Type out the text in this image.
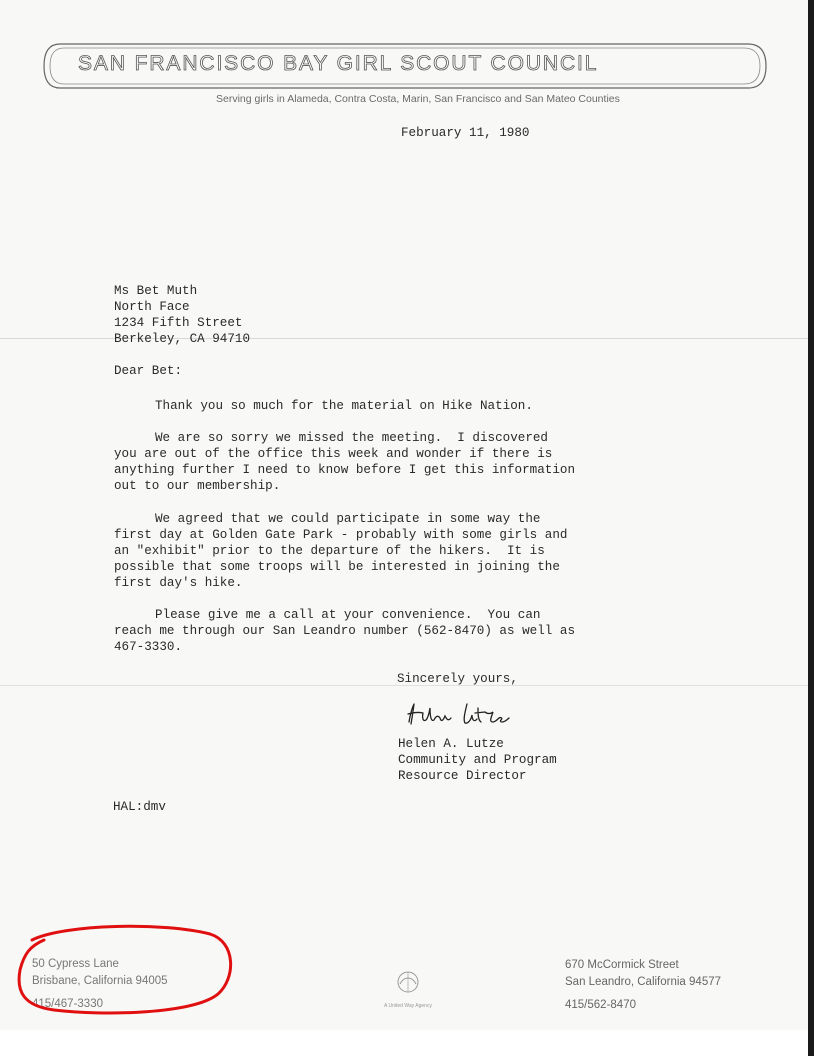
SAN FRANCISCO BAY GIRL SCOUT COUNCIL
Serving girls in Alameda, Contra Costa, Marin, San Francisco and San Mateo Counties
February 11, 1980
Ms Bet Muth
North Face
1234 Fifth Street
Berkeley, CA 94710
Dear Bet:
Thank you so much for the material on Hike Nation.
We are so sorry we missed the meeting.  I discovered
you are out of the office this week and wonder if there is
anything further I need to know before I get this information
out to our membership.
We agreed that we could participate in some way the
first day at Golden Gate Park - probably with some girls and
an "exhibit" prior to the departure of the hikers.  It is
possible that some troops will be interested in joining the
first day's hike.
Please give me a call at your convenience.  You can
reach me through our San Leandro number (562-8470) as well as
467-3330.
Sincerely yours,
Helen A. Lutze
Community and Program
Resource Director
HAL:dmv
50 Cypress Lane
Brisbane, California 94005
415/467-3330	A United Way Agency
670 McCormick Street
San Leandro, California 94577
415/562-8470
